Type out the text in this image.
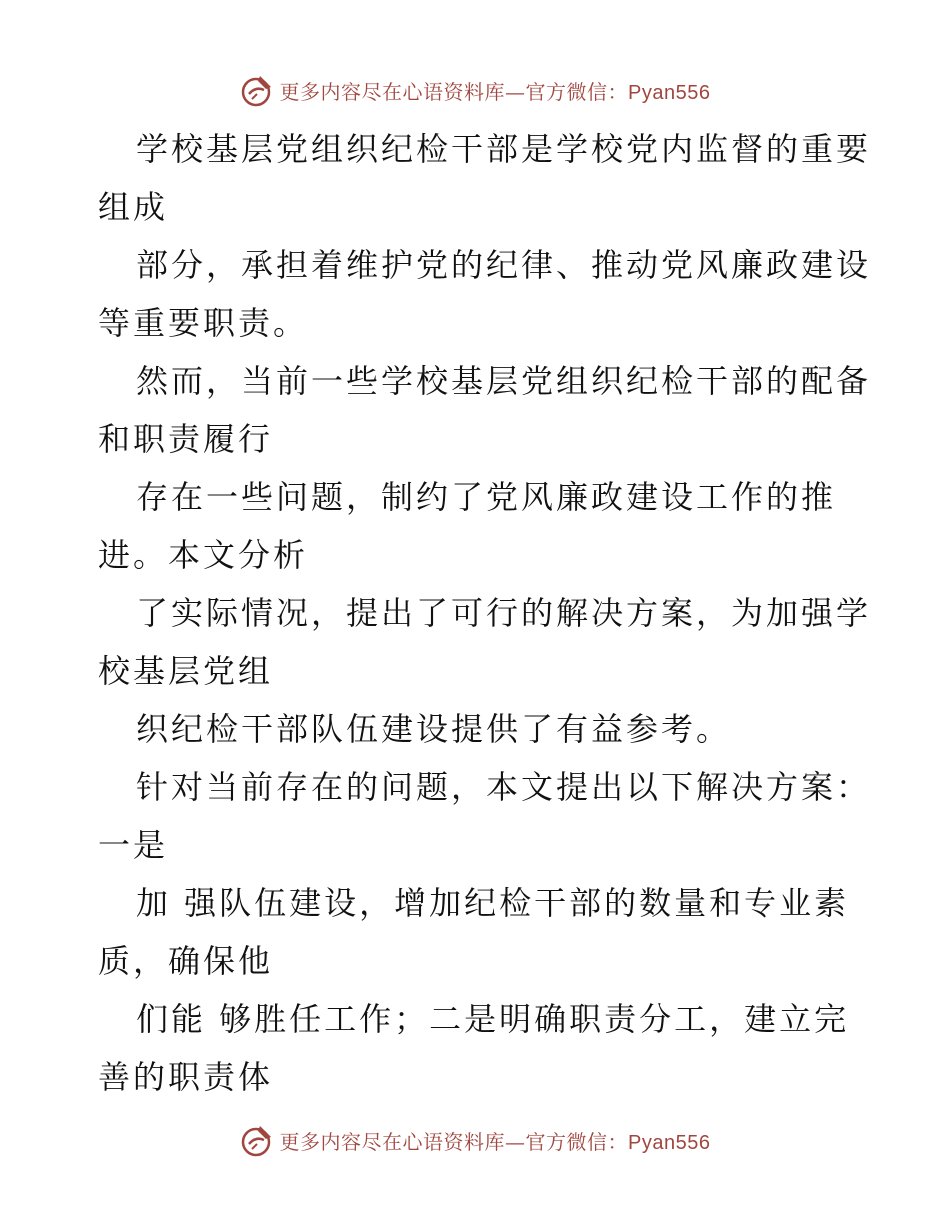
更多内容尽在心语资料库—官方微信：Pyan556
学校基层党组织纪检干部是学校党内监督的重要
组成
部分，承担着维护党的纪律、推动党风廉政建设
等重要职责。
然而，当前一些学校基层党组织纪检干部的配备
和职责履行
存在一些问题，制约了党风廉政建设工作的推
进。本文分析
了实际情况，提出了可行的解决方案，为加强学
校基层党组
织纪检干部队伍建设提供了有益参考。
针对当前存在的问题，本文提出以下解决方案：
一是
加 强队伍建设，增加纪检干部的数量和专业素
质，确保他
们能 够胜任工作；二是明确职责分工，建立完
善的职责体
更多内容尽在心语资料库—官方微信：Pyan556
